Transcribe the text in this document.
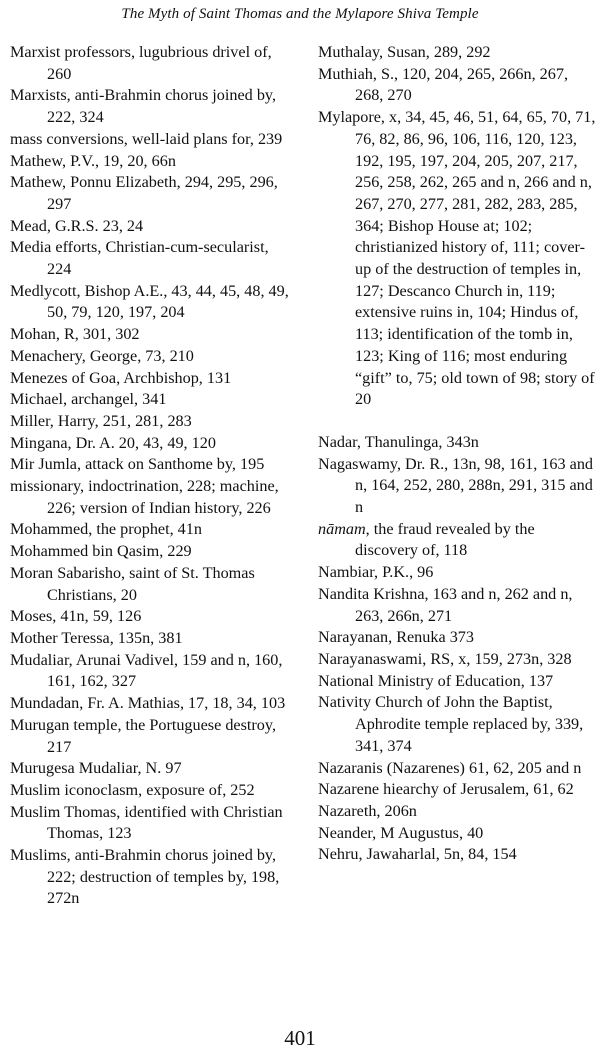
The Myth of Saint Thomas and the Mylapore Shiva Temple
Marxist professors, lugubrious drivel of, 260
Marxists, anti-Brahmin chorus joined by, 222, 324
mass conversions, well-laid plans for, 239
Mathew, P.V., 19, 20, 66n
Mathew, Ponnu Elizabeth, 294, 295, 296, 297
Mead, G.R.S. 23, 24
Media efforts, Christian-cum-secularist, 224
Medlycott, Bishop A.E., 43, 44, 45, 48, 49, 50, 79, 120, 197, 204
Mohan, R, 301, 302
Menachery, George, 73, 210
Menezes of Goa, Archbishop, 131
Michael, archangel, 341
Miller, Harry, 251, 281, 283
Mingana, Dr. A. 20, 43, 49, 120
Mir Jumla, attack on Santhome by, 195
missionary, indoctrination, 228; machine, 226; version of Indian history, 226
Mohammed, the prophet, 41n
Mohammed bin Qasim, 229
Moran Sabarisho, saint of St. Thomas Christians, 20
Moses, 41n, 59, 126
Mother Teressa, 135n, 381
Mudaliar, Arunai Vadivel, 159 and n, 160, 161, 162, 327
Mundadan, Fr. A. Mathias, 17, 18, 34, 103
Murugan temple, the Portuguese destroy, 217
Murugesa Mudaliar, N. 97
Muslim iconoclasm, exposure of, 252
Muslim Thomas, identified with Christian Thomas, 123
Muslims, anti-Brahmin chorus joined by, 222; destruction of temples by, 198, 272n
Muthalay, Susan, 289, 292
Muthiah, S., 120, 204, 265, 266n, 267, 268, 270
Mylapore, x, 34, 45, 46, 51, 64, 65, 70, 71, 76, 82, 86, 96, 106, 116, 120, 123, 192, 195, 197, 204, 205, 207, 217, 256, 258, 262, 265 and n, 266 and n, 267, 270, 277, 281, 282, 283, 285, 364; Bishop House at; 102; christianized history of, 111; cover-up of the destruction of temples in, 127; Descanco Church in, 119; extensive ruins in, 104; Hindus of, 113; identification of the tomb in, 123; King of 116; most enduring “gift” to, 75; old town of 98; story of 20
Nadar, Thanulinga, 343n
Nagaswamy, Dr. R., 13n, 98, 161, 163 and n, 164, 252, 280, 288n, 291, 315 and n
nāmam, the fraud revealed by the discovery of, 118
Nambiar, P.K., 96
Nandita Krishna, 163 and n, 262 and n, 263, 266n, 271
Narayanan, Renuka 373
Narayanaswami, RS, x, 159, 273n, 328
National Ministry of Education, 137
Nativity Church of John the Baptist, Aphrodite temple replaced by, 339, 341, 374
Nazaranis (Nazarenes) 61, 62, 205 and n
Nazarene hiearchy of Jerusalem, 61, 62
Nazareth, 206n
Neander, M Augustus, 40
Nehru, Jawaharlal, 5n, 84, 154
401
